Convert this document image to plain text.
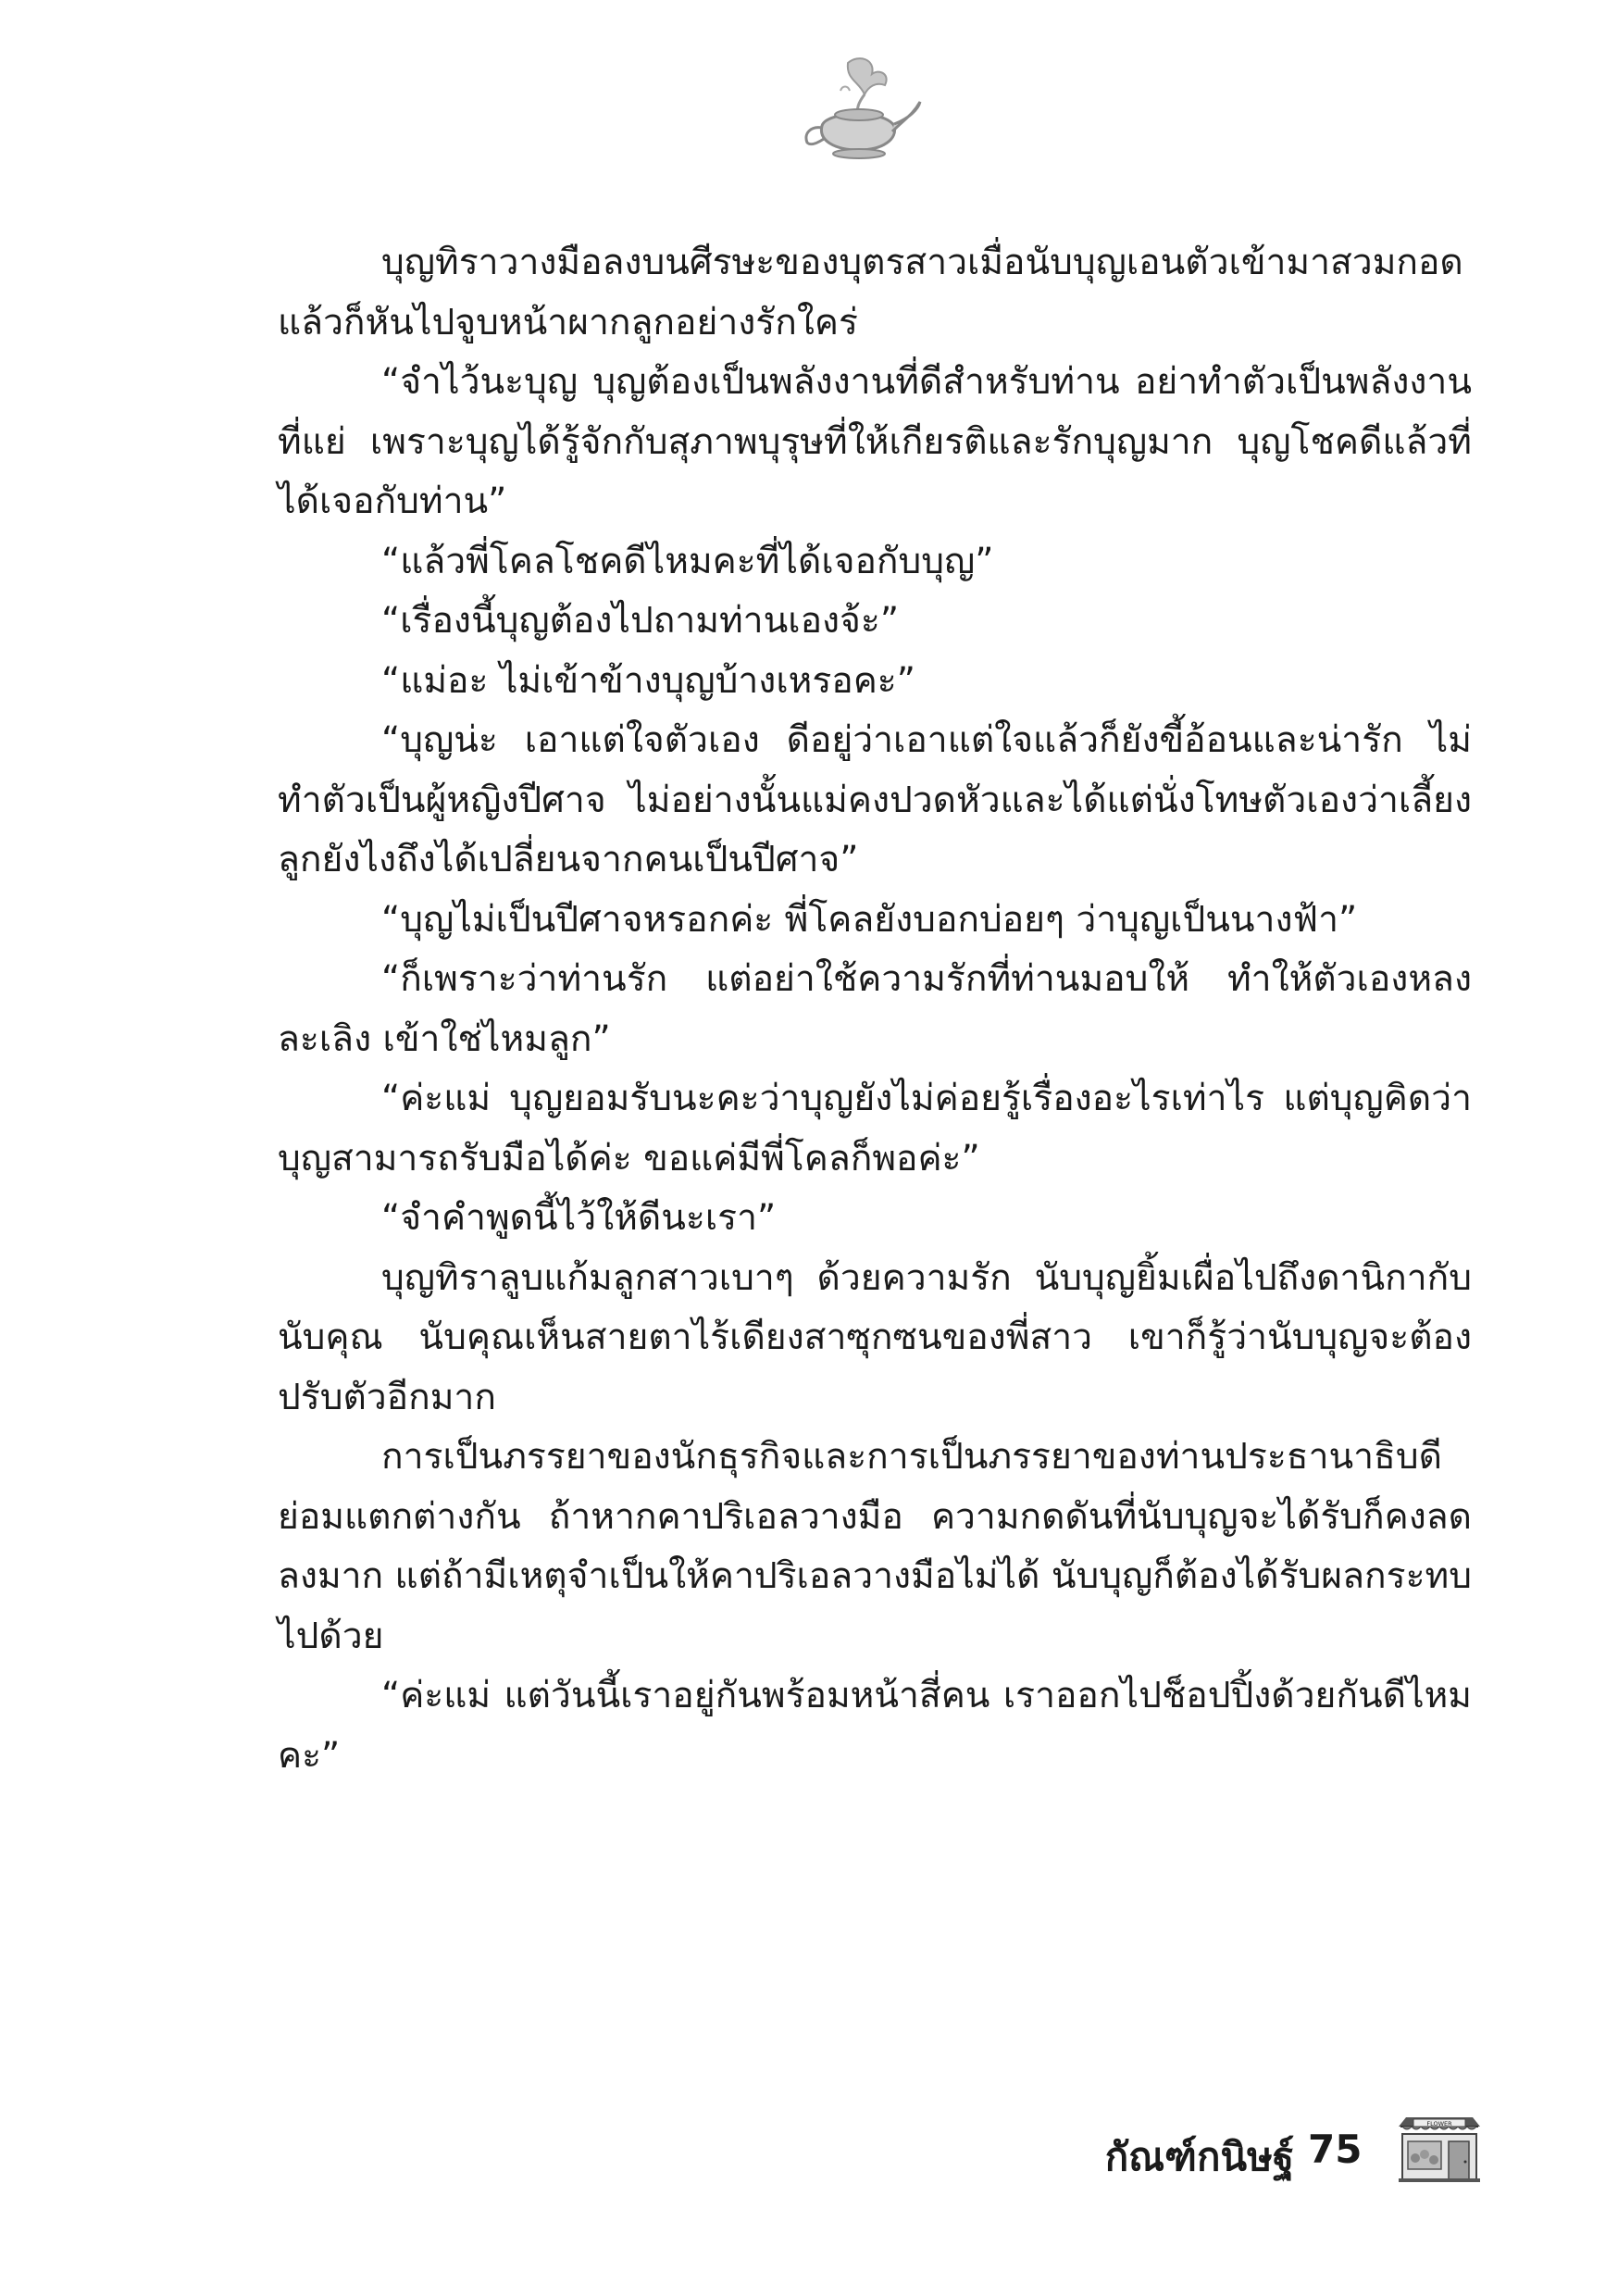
บุญทิราวางมือลงบนศีรษะของบุตรสาวเมื่อนับบุญเอนตัวเข้ามาสวมกอด แล้วก็หันไปจูบหน้าผากลูกอย่างรักใคร่

“จำไว้นะบุญ บุญต้องเป็นพลังงานที่ดีสำหรับท่าน อย่าทำตัวเป็นพลังงานที่แย่ เพราะบุญได้รู้จักกับสุภาพบุรุษที่ให้เกียรติและรักบุญมาก บุญโชคดีแล้วที่ได้เจอกับท่าน”

“แล้วพี่โคลโชคดีไหมคะที่ได้เจอกับบุญ”

“เรื่องนี้บุญต้องไปถามท่านเองจ้ะ”

“แม่อะ ไม่เข้าข้างบุญบ้างเหรอคะ”

“บุญน่ะ เอาแต่ใจตัวเอง ดีอยู่ว่าเอาแต่ใจแล้วก็ยังขี้อ้อนและน่ารัก ไม่ทำตัวเป็นผู้หญิงปีศาจ ไม่อย่างนั้นแม่คงปวดหัวและได้แต่นั่งโทษตัวเองว่าเลี้ยงลูกยังไงถึงได้เปลี่ยนจากคนเป็นปีศาจ”

“บุญไม่เป็นปีศาจหรอกค่ะ พี่โคลยังบอกบ่อยๆ ว่าบุญเป็นนางฟ้า”

“ก็เพราะว่าท่านรัก แต่อย่าใช้ความรักที่ท่านมอบให้ ทำให้ตัวเองหลงละเลิง เข้าใช่ไหมลูก”

“ค่ะแม่ บุญยอมรับนะคะว่าบุญยังไม่ค่อยรู้เรื่องอะไรเท่าไร แต่บุญคิดว่าบุญสามารถรับมือได้ค่ะ ขอแค่มีพี่โคลก็พอค่ะ”

“จำคำพูดนี้ไว้ให้ดีนะเรา”

บุญทิราลูบแก้มลูกสาวเบาๆ ด้วยความรัก นับบุญยิ้มเผื่อไปถึงดานิกากับนับคุณ นับคุณเห็นสายตาไร้เดียงสาซุกซนของพี่สาว เขาก็รู้ว่านับบุญจะต้องปรับตัวอีกมาก

การเป็นภรรยาของนักธุรกิจและการเป็นภรรยาของท่านประธานาธิบดีย่อมแตกต่างกัน ถ้าหากคาปริเอลวางมือ ความกดดันที่นับบุญจะได้รับก็คงลดลงมาก แต่ถ้ามีเหตุจำเป็นให้คาปริเอลวางมือไม่ได้ นับบุญก็ต้องได้รับผลกระทบไปด้วย

“ค่ะแม่ แต่วันนี้เราอยู่กันพร้อมหน้าสี่คน เราออกไปช็อปปิ้งด้วยกันดีไหมคะ”

กัณฑ์กนิษฐ์ 75
FLOWER
